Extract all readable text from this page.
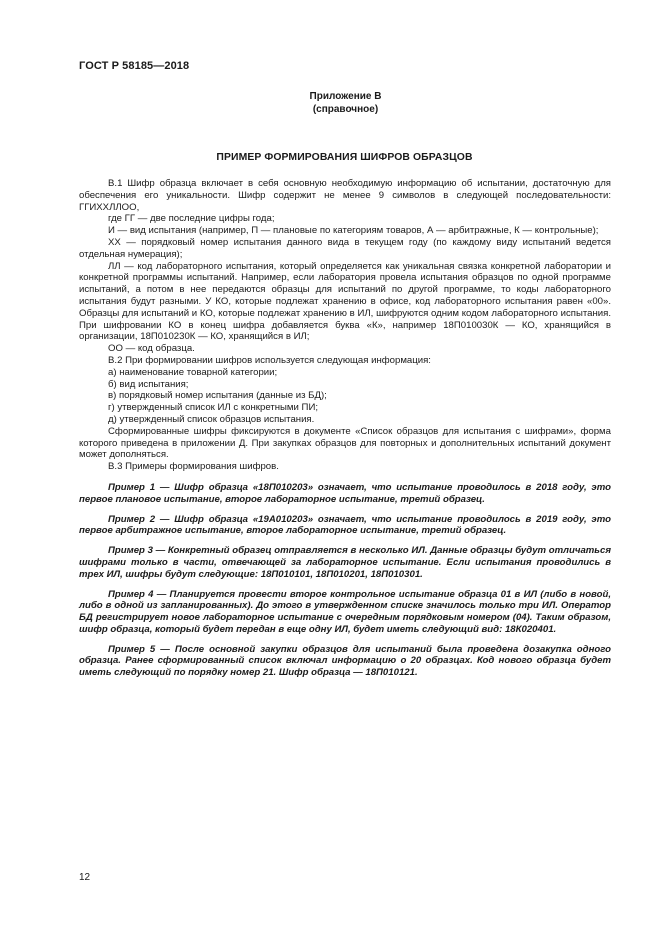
ГОСТ Р 58185—2018
Приложение В
(справочное)
ПРИМЕР ФОРМИРОВАНИЯ ШИФРОВ ОБРАЗЦОВ

В.1 Шифр образца включает в себя основную необходимую информацию об испытании, достаточную для обеспечения его уникальности. Шифр содержит не менее 9 символов в следующей последовательности: ГГИХХЛЛОО,

где ГГ — две последние цифры года;

И — вид испытания (например, П — плановые по категориям товаров, А — арбитражные, К — контрольные);

ХХ — порядковый номер испытания данного вида в текущем году (по каждому виду испытаний ведется отдельная нумерация);

ЛЛ — код лабораторного испытания, который определяется как уникальная связка конкретной лаборатории и конкретной программы испытаний. Например, если лаборатория провела испытания образцов по одной программе испытаний, а потом в нее передаются образцы для испытаний по другой программе, то коды лабораторного испытания будут разными. У КО, которые подлежат хранению в офисе, код лабораторного испытания равен «00». Образцы для испытаний и КО, которые подлежат хранению в ИЛ, шифруются одним кодом лабораторного испытания. При шифровании КО в конец шифра добавляется буква «К», например 18П010030К — КО, хранящийся в организации, 18П010230К — КО, хранящийся в ИЛ;

ОО — код образца.

В.2 При формировании шифров используется следующая информация:

а) наименование товарной категории;

б) вид испытания;

в) порядковый номер испытания (данные из БД);

г) утвержденный список ИЛ с конкретными ПИ;

д) утвержденный список образцов испытания.

Сформированные шифры фиксируются в документе «Список образцов для испытания с шифрами», форма которого приведена в приложении Д. При закупках образцов для повторных и дополнительных испытаний документ может дополняться.

В.3 Примеры формирования шифров.

Пример 1 — Шифр образца «18П010203» означает, что испытание проводилось в 2018 году, это первое плановое испытание, второе лабораторное испытание, третий образец.

Пример 2 — Шифр образца «19А010203» означает, что испытание проводилось в 2019 году, это первое арбитражное испытание, второе лабораторное испытание, третий образец.

Пример 3 — Конкретный образец отправляется в несколько ИЛ. Данные образцы будут отличаться шифрами только в части, отвечающей за лабораторное испытание. Если испытания проводились в трех ИЛ, шифры будут следующие: 18П010101, 18П010201, 18П010301.

Пример 4 — Планируется провести второе контрольное испытание образца 01 в ИЛ (либо в новой, либо в одной из запланированных). До этого в утвержденном списке значилось только три ИЛ. Оператор БД регистрирует новое лабораторное испытание с очередным порядковым номером (04). Таким образом, шифр образца, который будет передан в еще одну ИЛ, будет иметь следующий вид: 18К020401.

Пример 5 — После основной закупки образцов для испытаний была проведена дозакупка одного образца. Ранее сформированный список включал информацию о 20 образцах. Код нового образца будет иметь следующий по порядку номер 21. Шифр образца — 18П010121.

12
